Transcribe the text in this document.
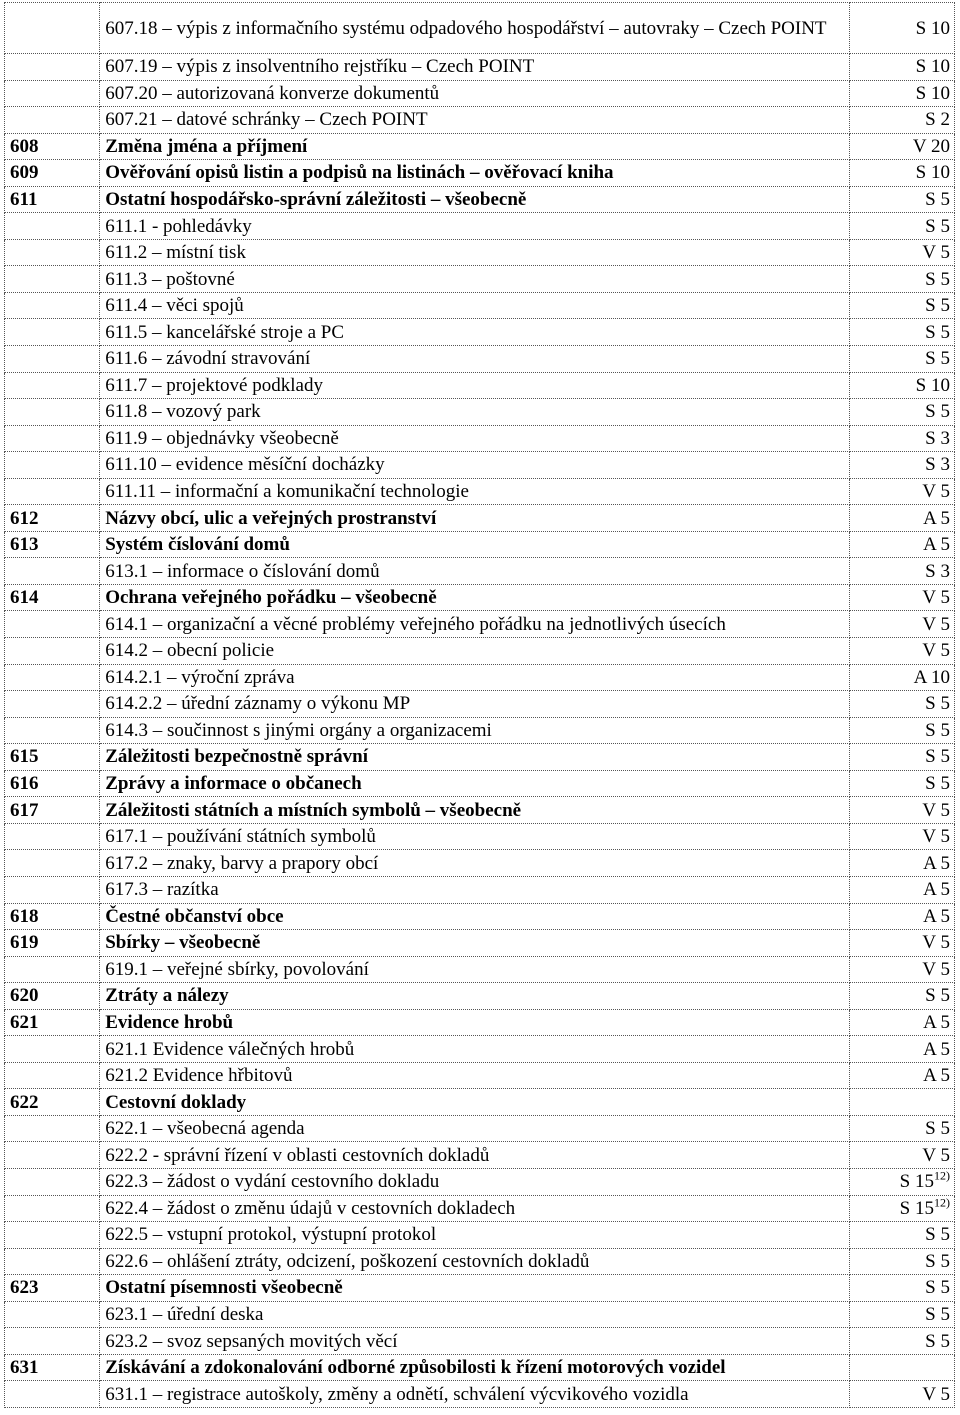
	607.18 – výpis z informačního systému odpadového hospodářství – autovraky – Czech POINT	S 10
	607.19 – výpis z insolventního rejstříku – Czech POINT	S 10
	607.20 – autorizovaná konverze dokumentů	S 10
	607.21 – datové schránky – Czech POINT	S 2
608	Změna jména a příjmení	V 20
609	Ověřování opisů listin a podpisů na listinách – ověřovací kniha	S 10
611	Ostatní hospodářsko-správní záležitosti – všeobecně	S 5
	611.1 - pohledávky	S 5
	611.2 – místní tisk	V 5
	611.3 – poštovné	S 5
	611.4 – věci spojů	S 5
	611.5 – kancelářské stroje a PC	S 5
	611.6 – závodní stravování	S 5
	611.7 – projektové podklady	S 10
	611.8 – vozový park	S 5
	611.9 – objednávky všeobecně	S 3
	611.10 – evidence měsíční docházky	S 3
	611.11 – informační a komunikační technologie	V 5
612	Názvy obcí, ulic a veřejných prostranství	A 5
613	Systém číslování domů	A 5
	613.1 – informace o číslování domů	S 3
614	Ochrana veřejného pořádku – všeobecně	V 5
	614.1 – organizační a věcné problémy veřejného pořádku na jednotlivých úsecích	V 5
	614.2 – obecní policie	V 5
	614.2.1 – výroční zpráva	A 10
	614.2.2 – úřední záznamy o výkonu MP	S 5
	614.3 – součinnost s jinými orgány a organizacemi	S 5
615	Záležitosti bezpečnostně správní	S 5
616	Zprávy a informace o občanech	S 5
617	Záležitosti státních a místních symbolů – všeobecně	V 5
	617.1 – používání státních symbolů	V 5
	617.2 – znaky, barvy a prapory obcí	A 5
	617.3 – razítka	A 5
618	Čestné občanství obce	A 5
619	Sbírky – všeobecně	V 5
	619.1 – veřejné sbírky, povolování	V 5
620	Ztráty a nálezy	S 5
621	Evidence hrobů	A 5
	621.1 Evidence válečných hrobů	A 5
	621.2 Evidence hřbitovů	A 5
622	Cestovní doklady	
	622.1 – všeobecná agenda	S 5
	622.2 - správní řízení v oblasti cestovních dokladů	V 5
	622.3 – žádost o vydání cestovního dokladu	S 15$^{12)}$
	622.4 – žádost o změnu údajů v cestovních dokladech	S 15$^{12)}$
	622.5 – vstupní protokol, výstupní protokol	S 5
	622.6 – ohlášení ztráty, odcizení, poškození cestovních dokladů	S 5
623	Ostatní písemnosti všeobecně	S 5
	623.1 – úřední deska	S 5
	623.2 – svoz sepsaných movitých věcí	S 5
631	Získávání a zdokonalování odborné způsobilosti k řízení motorových vozidel	
	631.1 – registrace autoškoly, změny a odnětí, schválení výcvikového vozidla	V 5
